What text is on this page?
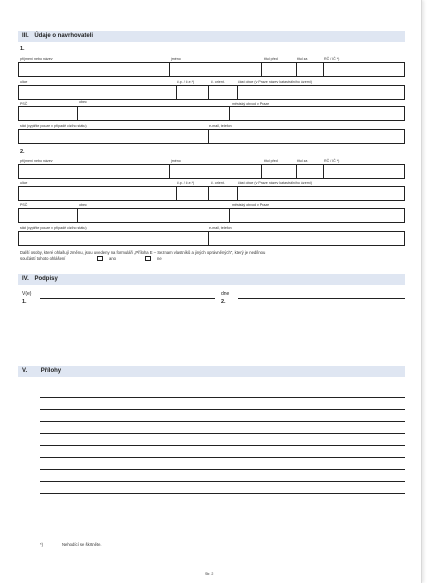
III. Údaje o navrhovateli
1.
příjmení nebo název	jméno	titul před	titul za	RČ / IČ *)
ulice	č.p. / č.e.*)	č. orient.	část obce (v Praze název katastrálního území)
PSČ	obec	městský obvod v Praze
stát (vyplňte pouze v případě cizího státu)	e-mail, telefon
2.
příjmení nebo název	jméno	titul před	titul za	RČ / IČ *)
ulice	č.p. / č.e.*)	č. orient.	část obce (v Praze název katastrálního území)
PSČ	obec	městský obvod v Praze
stát (vyplňte pouze v případě cizího státu)	e-mail, telefon
Další osoby, které ohlašují změnu, jsou uvedeny na formuláři „Příloha E – Seznam vlastníků a jiných oprávněných", který je nedílnou
součástí tohoto ohlášení	ano	ne
IV. Podpisy
V(e)	dne
1.	2.
V. Přílohy
*)	Nehodící se škrtněte.
Str. 2
